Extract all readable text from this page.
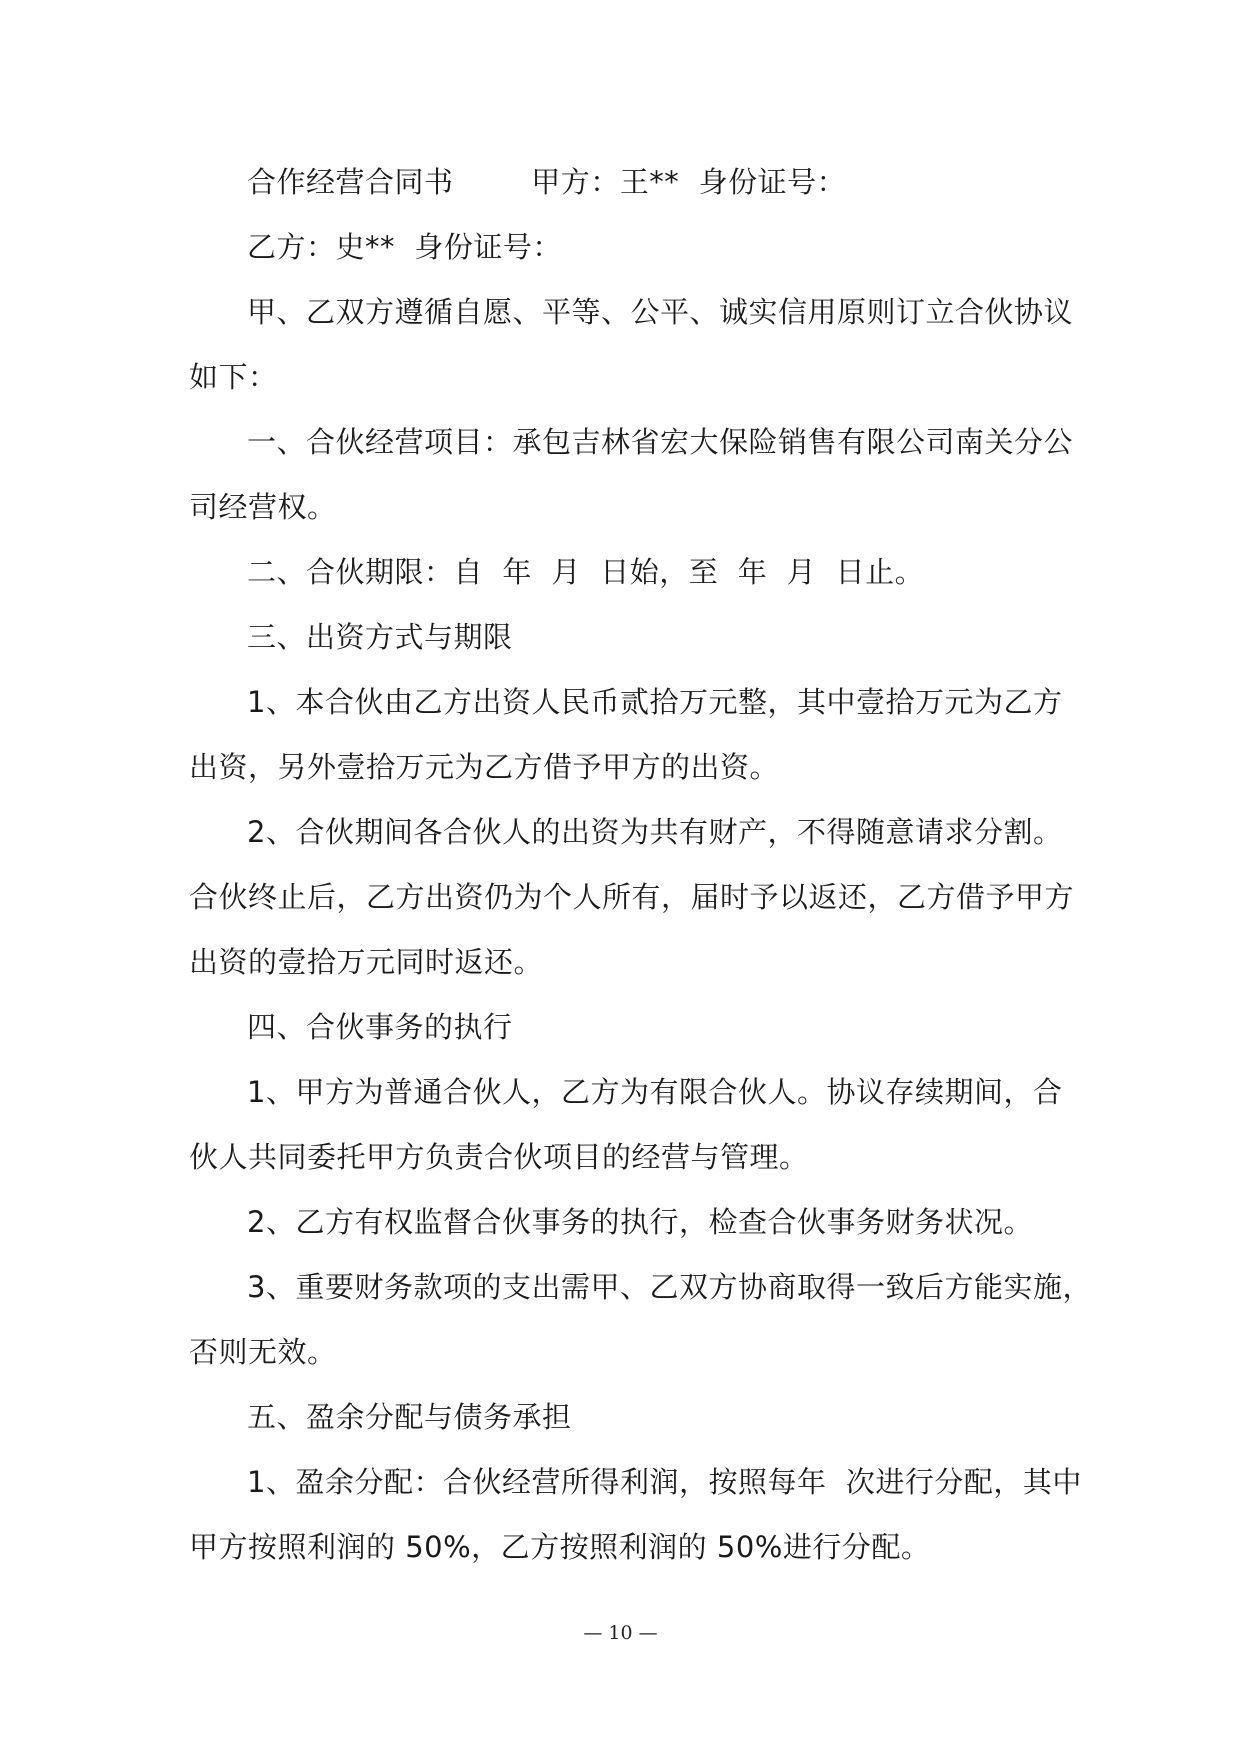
合作经营合同书        甲方：王**  身份证号：
乙方：史**  身份证号：
甲、乙双方遵循自愿、平等、公平、诚实信用原则订立合伙协议
如下：
一、合伙经营项目：承包吉林省宏大保险销售有限公司南关分公
司经营权。
二、合伙期限：自  年  月  日始，至  年  月  日止。
三、出资方式与期限
1、本合伙由乙方出资人民币贰拾万元整，其中壹拾万元为乙方
出资，另外壹拾万元为乙方借予甲方的出资。
2、合伙期间各合伙人的出资为共有财产，不得随意请求分割。
合伙终止后，乙方出资仍为个人所有，届时予以返还，乙方借予甲方
出资的壹拾万元同时返还。
四、合伙事务的执行
1、甲方为普通合伙人，乙方为有限合伙人。协议存续期间，合
伙人共同委托甲方负责合伙项目的经营与管理。
2、乙方有权监督合伙事务的执行，检查合伙事务财务状况。
3、重要财务款项的支出需甲、乙双方协商取得一致后方能实施，
否则无效。
五、盈余分配与债务承担
1、盈余分配：合伙经营所得利润，按照每年  次进行分配，其中
甲方按照利润的 50%，乙方按照利润的 50%进行分配。
— 10 —
